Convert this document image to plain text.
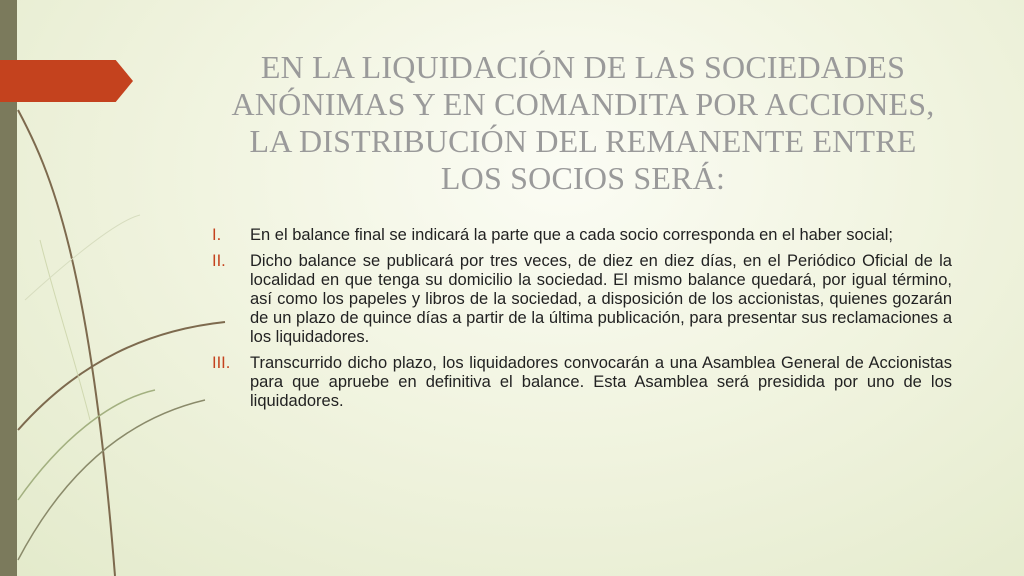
EN LA LIQUIDACIÓN DE LAS SOCIEDADES ANÓNIMAS Y EN COMANDITA POR ACCIONES, LA DISTRIBUCIÓN DEL REMANENTE ENTRE LOS SOCIOS SERÁ:
I.	En el balance final se indicará la parte que a cada socio corresponda en el haber social;
II.	Dicho balance se publicará por tres veces, de diez en diez días, en el Periódico Oficial de la localidad en que tenga su domicilio la sociedad. El mismo balance quedará, por igual término, así como los papeles y libros de la sociedad, a disposición de los accionistas, quienes gozarán de un plazo de quince días a partir de la última publicación, para presentar sus reclamaciones a los liquidadores.
III.	Transcurrido dicho plazo, los liquidadores convocarán a una Asamblea General de Accionistas para que apruebe en definitiva el balance. Esta Asamblea será presidida por uno de los liquidadores.
